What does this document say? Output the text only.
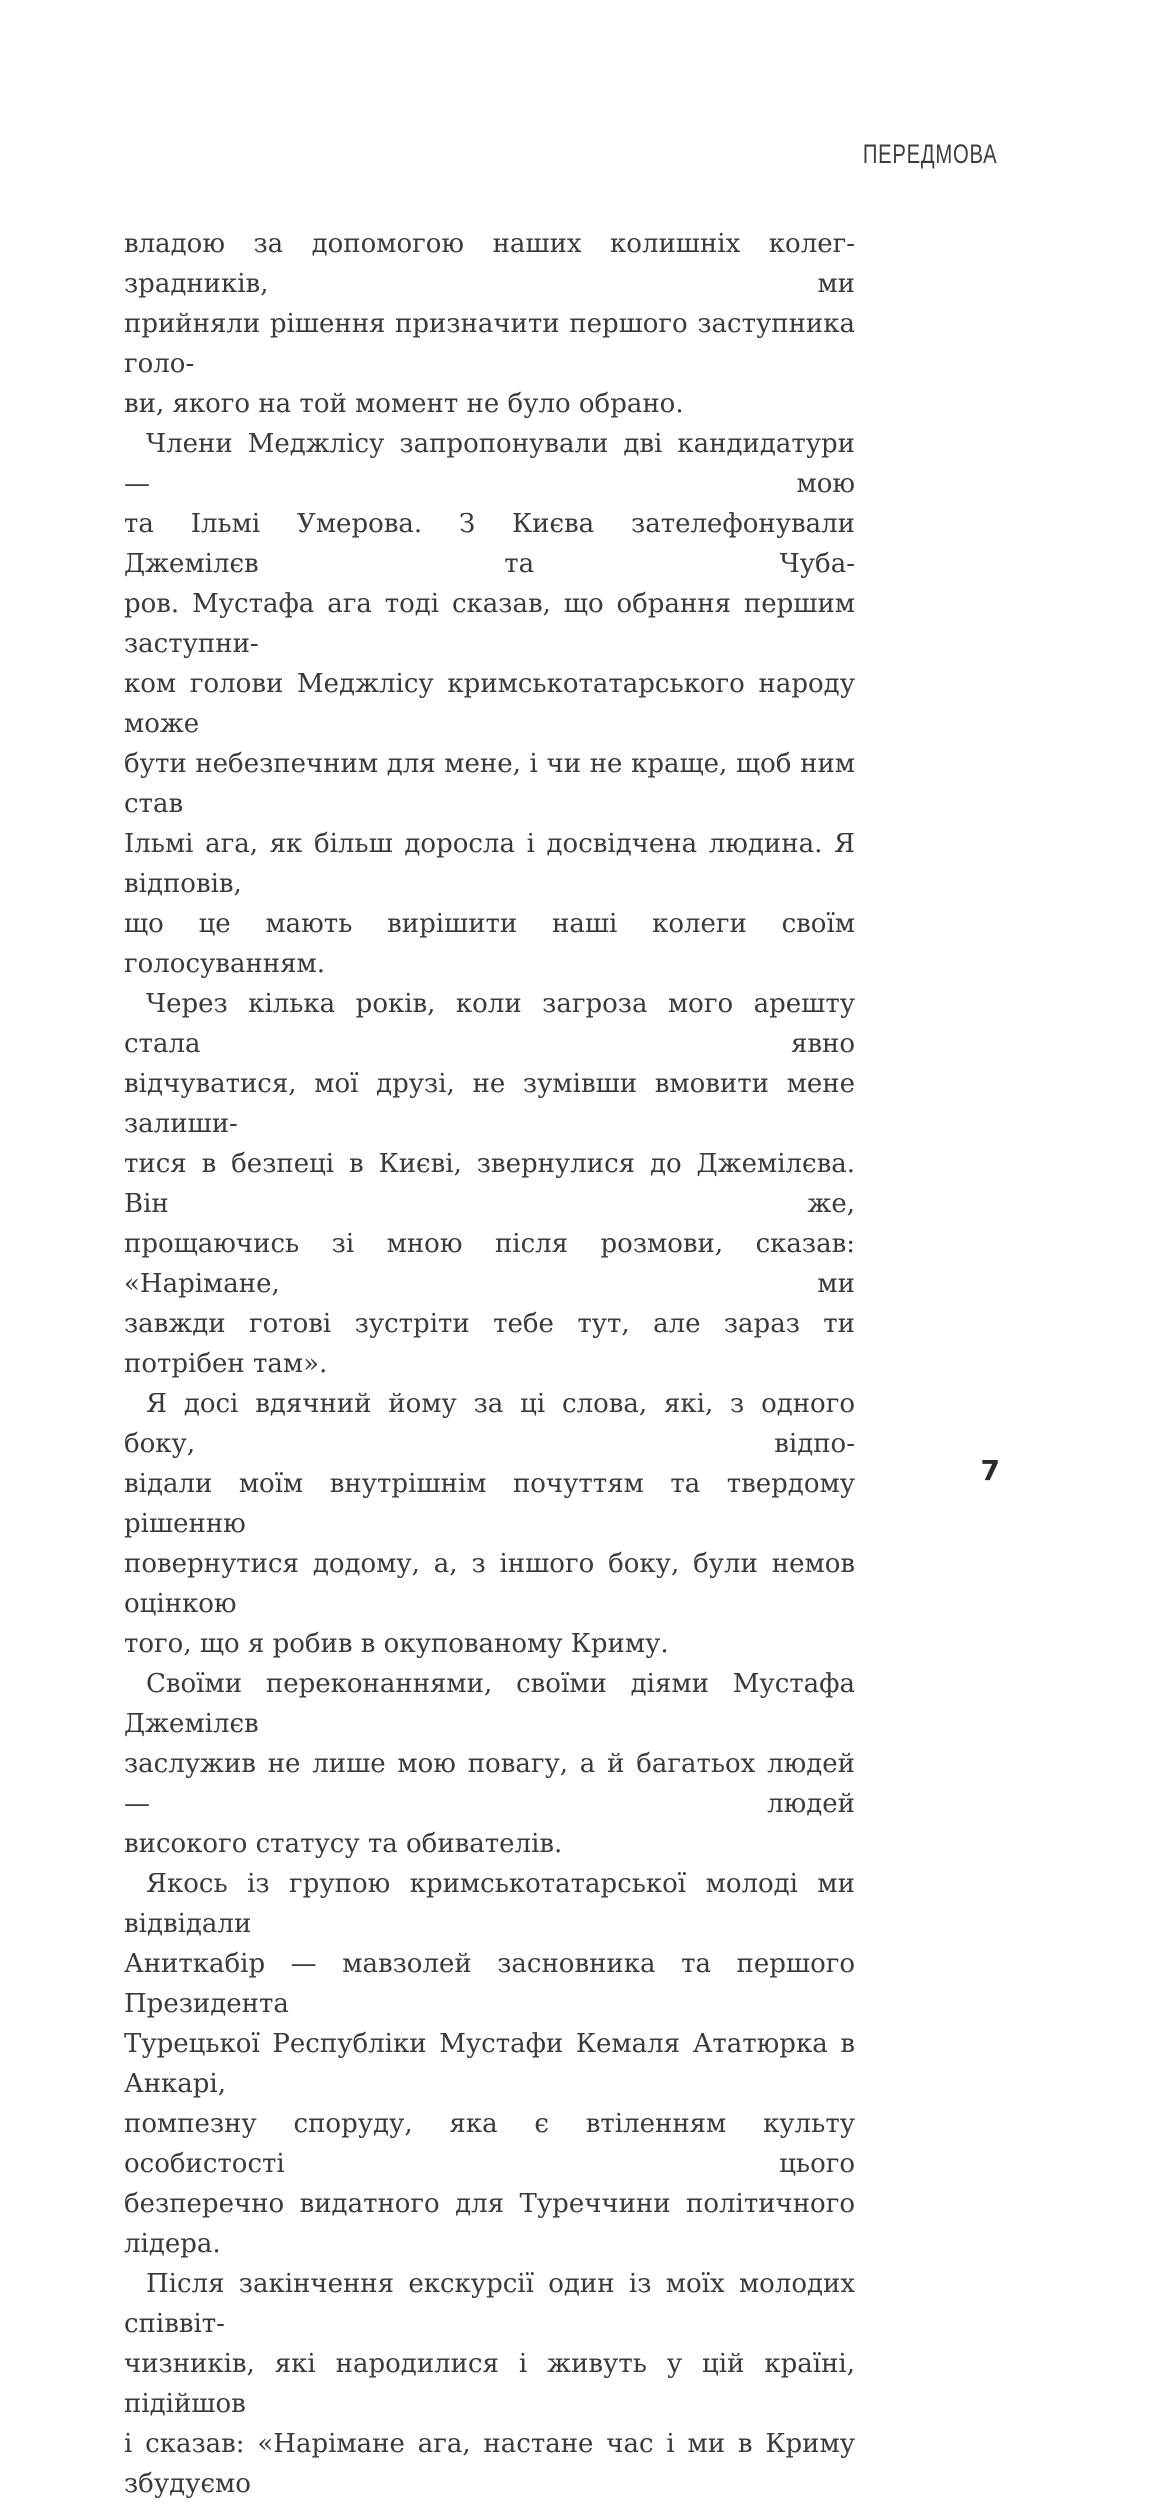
ПЕРЕДМОВА
владою за допомогою наших колишніх колег-зрадників, ми
прийняли рішення призначити першого заступника голо-
ви, якого на той момент не було обрано.
Члени Меджлісу запропонували дві кандидатури — мою
та Ільмі Умерова. З Києва зателефонували Джемілєв та Чуба-
ров. Мустафа ага тоді сказав, що обрання першим заступни-
ком голови Меджлісу кримськотатарського народу може
бути небезпечним для мене, і чи не краще, щоб ним став
Ільмі ага, як більш доросла і досвідчена людина. Я відповів,
що це мають вирішити наші колеги своїм голосуванням.
Через кілька років, коли загроза мого арешту стала явно
відчуватися, мої друзі, не зумівши вмовити мене залиши-
тися в безпеці в Києві, звернулися до Джемілєва. Він же,
прощаючись зі мною після розмови, сказав: «Нарімане, ми
завжди готові зустріти тебе тут, але зараз ти потрібен там».
Я досі вдячний йому за ці слова, які, з одного боку, відпо-
відали моїм внутрішнім почуттям та твердому рішенню
повернутися додому, а, з іншого боку, були немов оцінкою
того, що я робив в окупованому Криму.
Своїми переконаннями, своїми діями Мустафа Джемілєв
заслужив не лише мою повагу, а й багатьох людей — людей
високого статусу та обивателів.
Якось із групою кримськотатарської молоді ми відвідали
Аниткабір — мавзолей засновника та першого Президента
Турецької Республіки Мустафи Кемаля Ататюрка в Анкарі,
помпезну споруду, яка є втіленням культу особистості цього
безперечно видатного для Туреччини політичного лідера.
Після закінчення екскурсії один із моїх молодих співвіт-
чизників, які народилися і живуть у цій країні, підійшов
і сказав: «Нарімане ага, настане час і ми в Криму збудуємо
7
